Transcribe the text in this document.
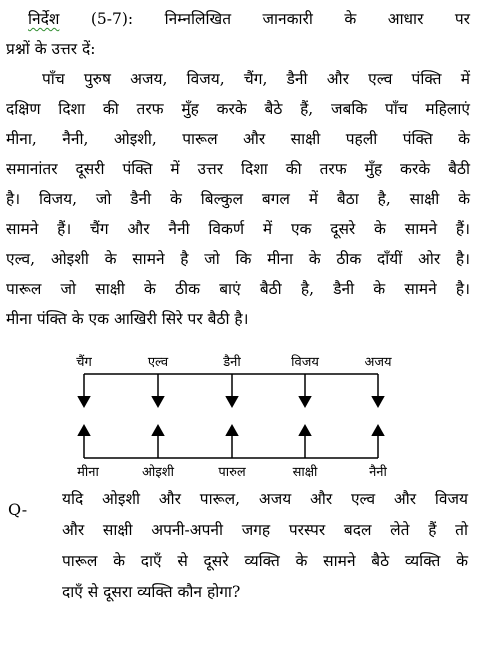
निर्देश (5-7): निम्नलिखित जानकारी के आधार पर
प्रश्नों के उत्तर दें:
पाँच पुरुष अजय, विजय, चैंग, डैनी और एल्व पंक्ति में
दक्षिण दिशा की तरफ मुँह करके बैठे हैं, जबकि पाँच महिलाएं
मीना, नैनी, ओइशी, पारूल और साक्षी पहली पंक्ति के
समानांतर दूसरी पंक्ति में उत्तर दिशा की तरफ मुँह करके बैठी
है। विजय, जो डैनी के बिल्कुल बगल में बैठा है, साक्षी के
सामने हैं। चैंग और नैनी विकर्ण में एक दूसरे के सामने हैं।
एल्व, ओइशी के सामने है जो कि मीना के ठीक दाँयीं ओर है।
पारूल जो साक्षी के ठीक बाएं बैठी है, डैनी के सामने है।
मीना पंक्ति के एक आखिरी सिरे पर बैठी है।
चैंग	एल्व	डैनी	विजय	अजय
मीना	ओइशी	पारुल	साक्षी	नैनी
Q-
यदि ओइशी और पारूल, अजय और एल्व और विजय
और साक्षी अपनी-अपनी जगह परस्पर बदल लेते हैं तो
पारूल के दाएँ से दूसरे व्यक्ति के सामने बैठे व्यक्ति के
दाएँ से दूसरा व्यक्ति कौन होगा?
